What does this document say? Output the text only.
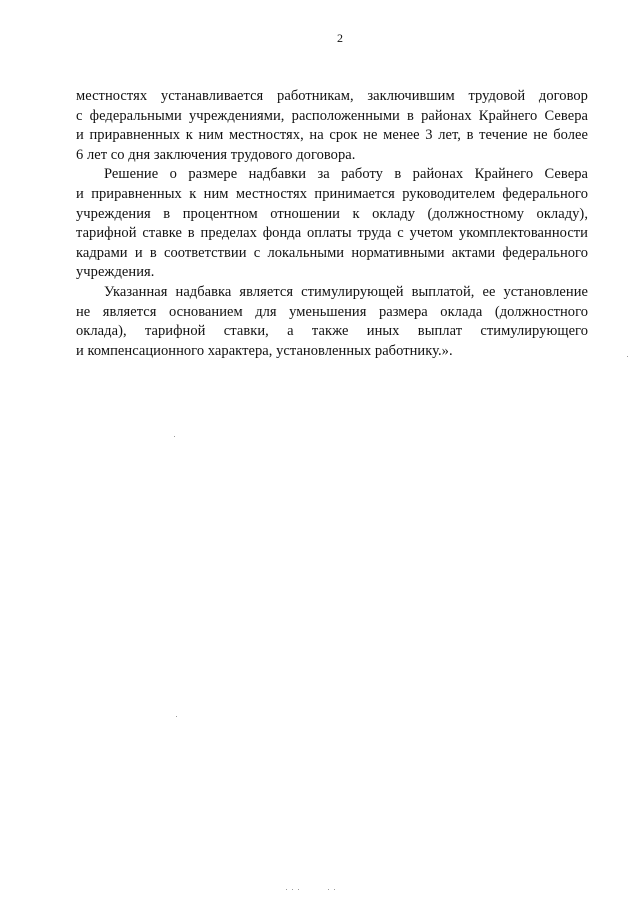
2

местностях устанавливается работникам, заключившим трудовой договор

с федеральными учреждениями, расположенными в районах Крайнего Севера

и приравненных к ним местностях, на срок не менее 3 лет, в течение не более

6 лет со дня заключения трудового договора.

Решение о размере надбавки за работу в районах Крайнего Севера

и приравненных к ним местностях принимается руководителем федерального

учреждения в процентном отношении к окладу (должностному окладу),

тарифной ставке в пределах фонда оплаты труда с учетом укомплектованности

кадрами и в соответствии с локальными нормативными актами федерального

учреждения.

Указанная надбавка является стимулирующей выплатой, ее установление

не является основанием для уменьшения размера оклада (должностного

оклада), тарифной ставки, а также иных выплат стимулирующего

и компенсационного характера, установленных работнику.».
